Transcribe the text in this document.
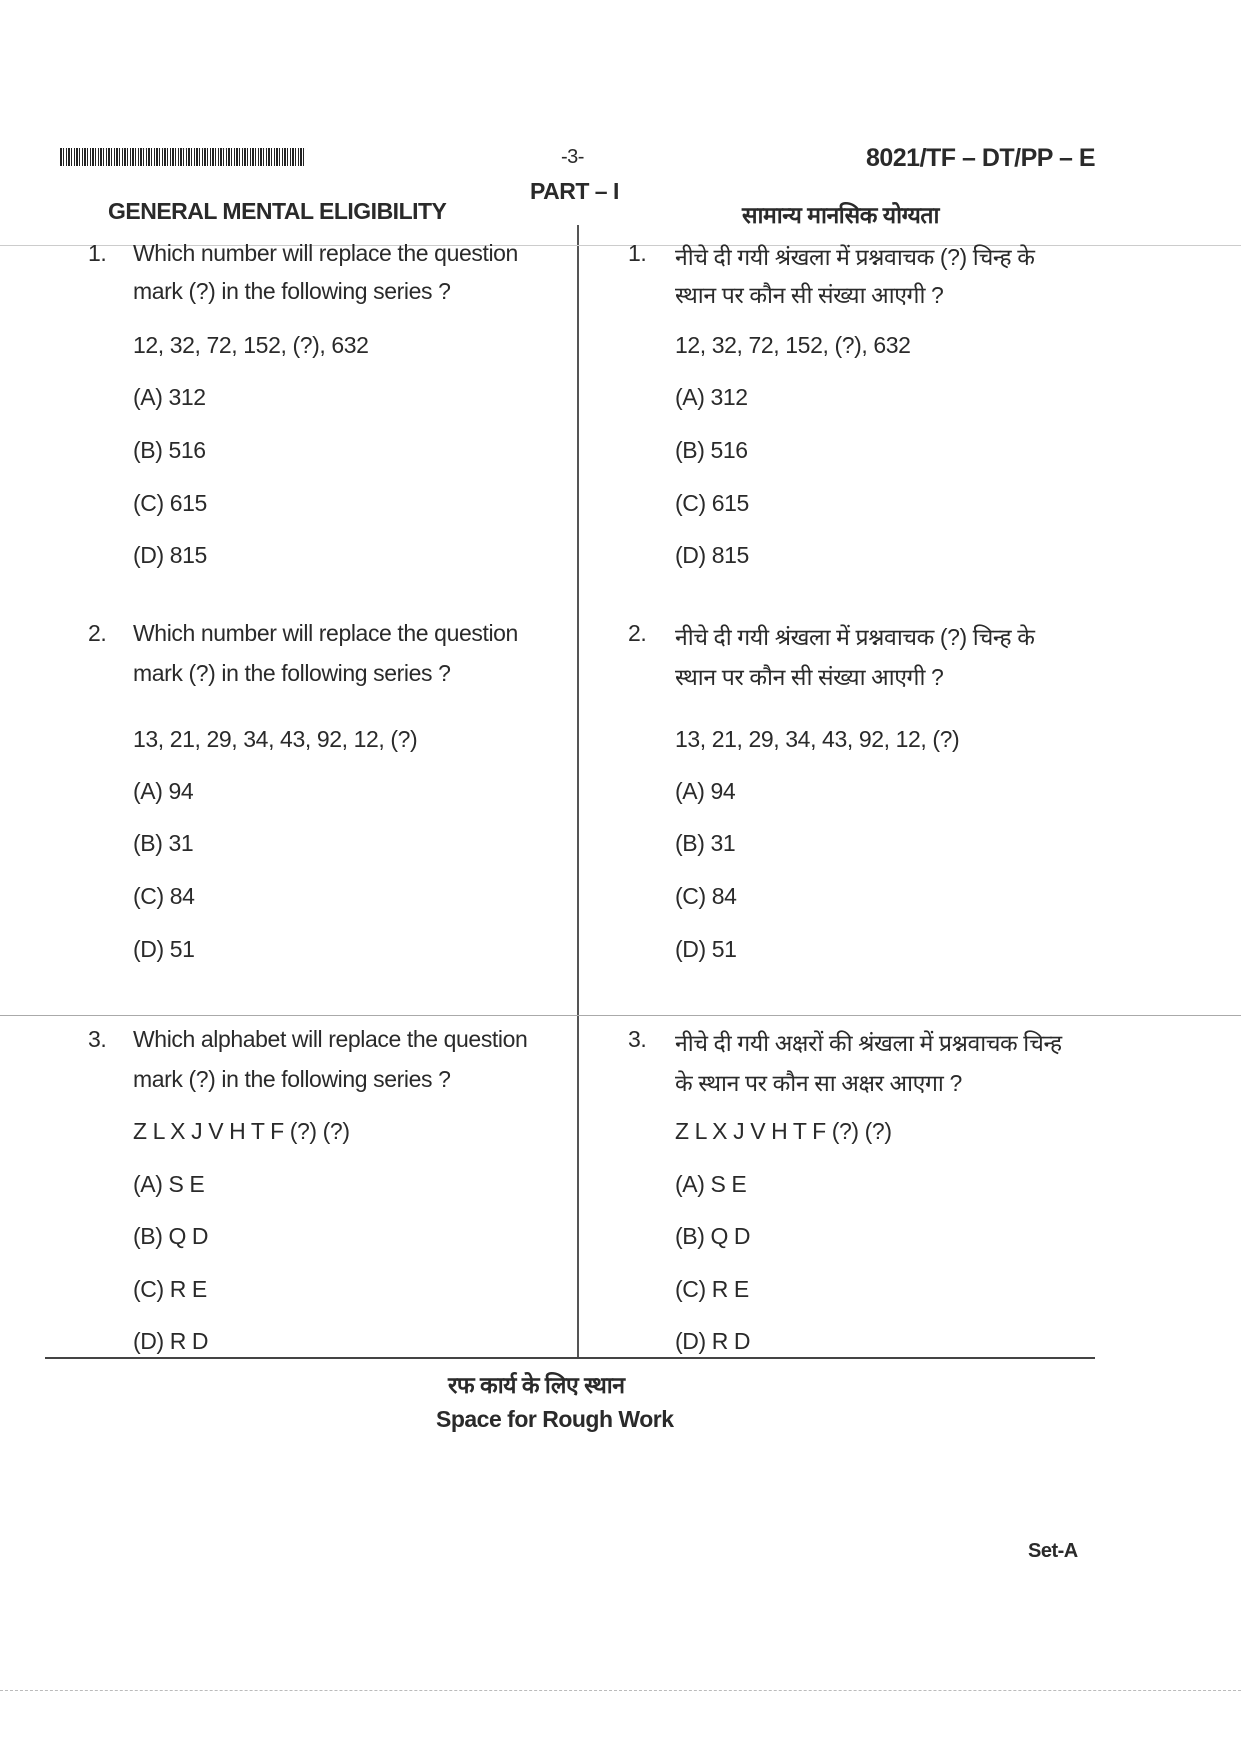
-3-	8021/TF – DT/PP – E
PART – I
GENERAL MENTAL ELIGIBILITY	सामान्य मानसिक योग्यता
1. Which number will replace the question
mark (?) in the following series ?
12, 32, 72, 152, (?), 632
(A) 312
(B) 516
(C) 615
(D) 815
2. Which number will replace the question
mark (?) in the following series ?
13, 21, 29, 34, 43, 92, 12, (?)
(A) 94
(B) 31
(C) 84
(D) 51
3. Which alphabet will replace the question
mark (?) in the following series ?
Z L X J V H T F (?) (?)
(A) S E
(B) Q D
(C) R E
(D) R D
1. नीचे दी गयी श्रंखला में प्रश्नवाचक (?) चिन्ह के
स्थान पर कौन सी संख्या आएगी ?
12, 32, 72, 152, (?), 632
(A) 312
(B) 516
(C) 615
(D) 815
2. नीचे दी गयी श्रंखला में प्रश्नवाचक (?) चिन्ह के
स्थान पर कौन सी संख्या आएगी ?
13, 21, 29, 34, 43, 92, 12, (?)
(A) 94
(B) 31
(C) 84
(D) 51
3. नीचे दी गयी अक्षरों की श्रंखला में प्रश्नवाचक चिन्ह
के स्थान पर कौन सा अक्षर आएगा ?
Z L X J V H T F (?) (?)
(A) S E
(B) Q D
(C) R E
(D) R D
रफ कार्य के लिए स्थान
Space for Rough Work
Set-A
